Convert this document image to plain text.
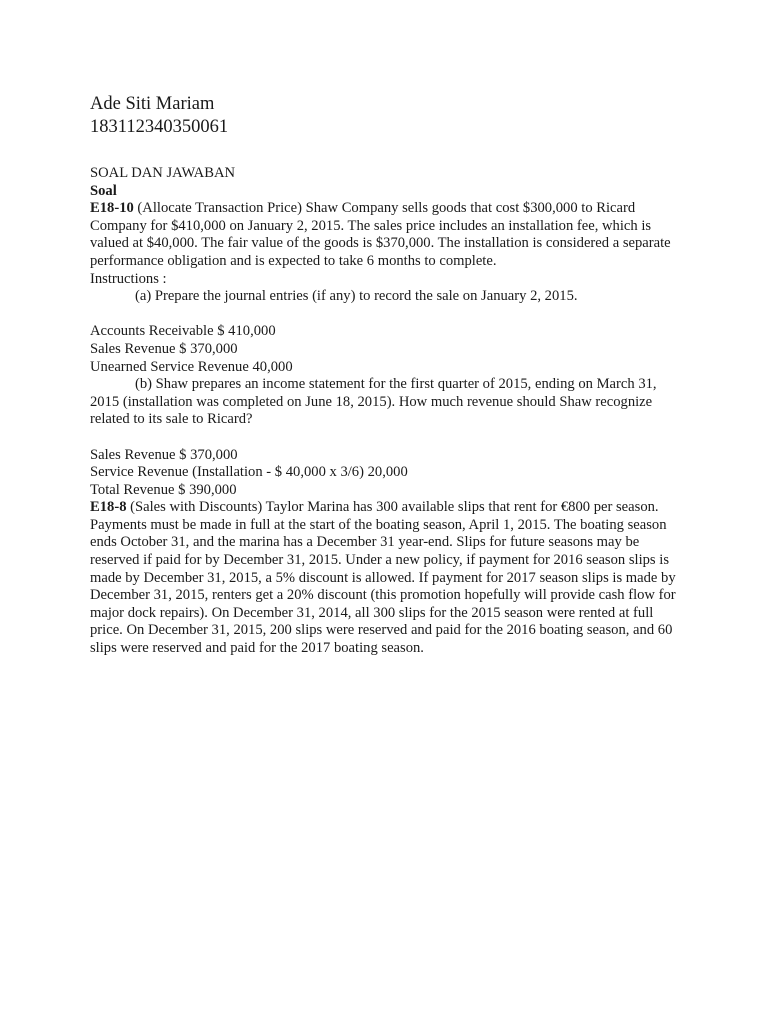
Ade Siti Mariam
183112340350061

SOAL DAN JAWABAN

Soal

E18-10 (Allocate Transaction Price) Shaw Company sells goods that cost $300,000 to Ricard Company for $410,000 on January 2, 2015. The sales price includes an installation fee, which is valued at $40,000. The fair value of the goods is $370,000. The installation is considered a separate performance obligation and is expected to take 6 months to complete.

Instructions :

(a) Prepare the journal entries (if any) to record the sale on January 2, 2015.

Accounts Receivable $ 410,000

Sales Revenue $ 370,000

Unearned Service Revenue 40,000

(b) Shaw prepares an income statement for the first quarter of 2015, ending on March 31, 2015 (installation was completed on June 18, 2015). How much revenue should Shaw recognize related to its sale to Ricard?

Sales Revenue $ 370,000

Service Revenue (Installation - $ 40,000 x 3/6) 20,000

Total Revenue $ 390,000

E18-8 (Sales with Discounts) Taylor Marina has 300 available slips that rent for €800 per season. Payments must be made in full at the start of the boating season, April 1, 2015. The boating season ends October 31, and the marina has a December 31 year-end. Slips for future seasons may be reserved if paid for by December 31, 2015. Under a new policy, if payment for 2016 season slips is made by December 31, 2015, a 5% discount is allowed. If payment for 2017 season slips is made by December 31, 2015, renters get a 20% discount (this promotion hopefully will provide cash flow for major dock repairs). On December 31, 2014, all 300 slips for the 2015 season were rented at full price. On December 31, 2015, 200 slips were reserved and paid for the 2016 boating season, and 60 slips were reserved and paid for the 2017 boating season.
